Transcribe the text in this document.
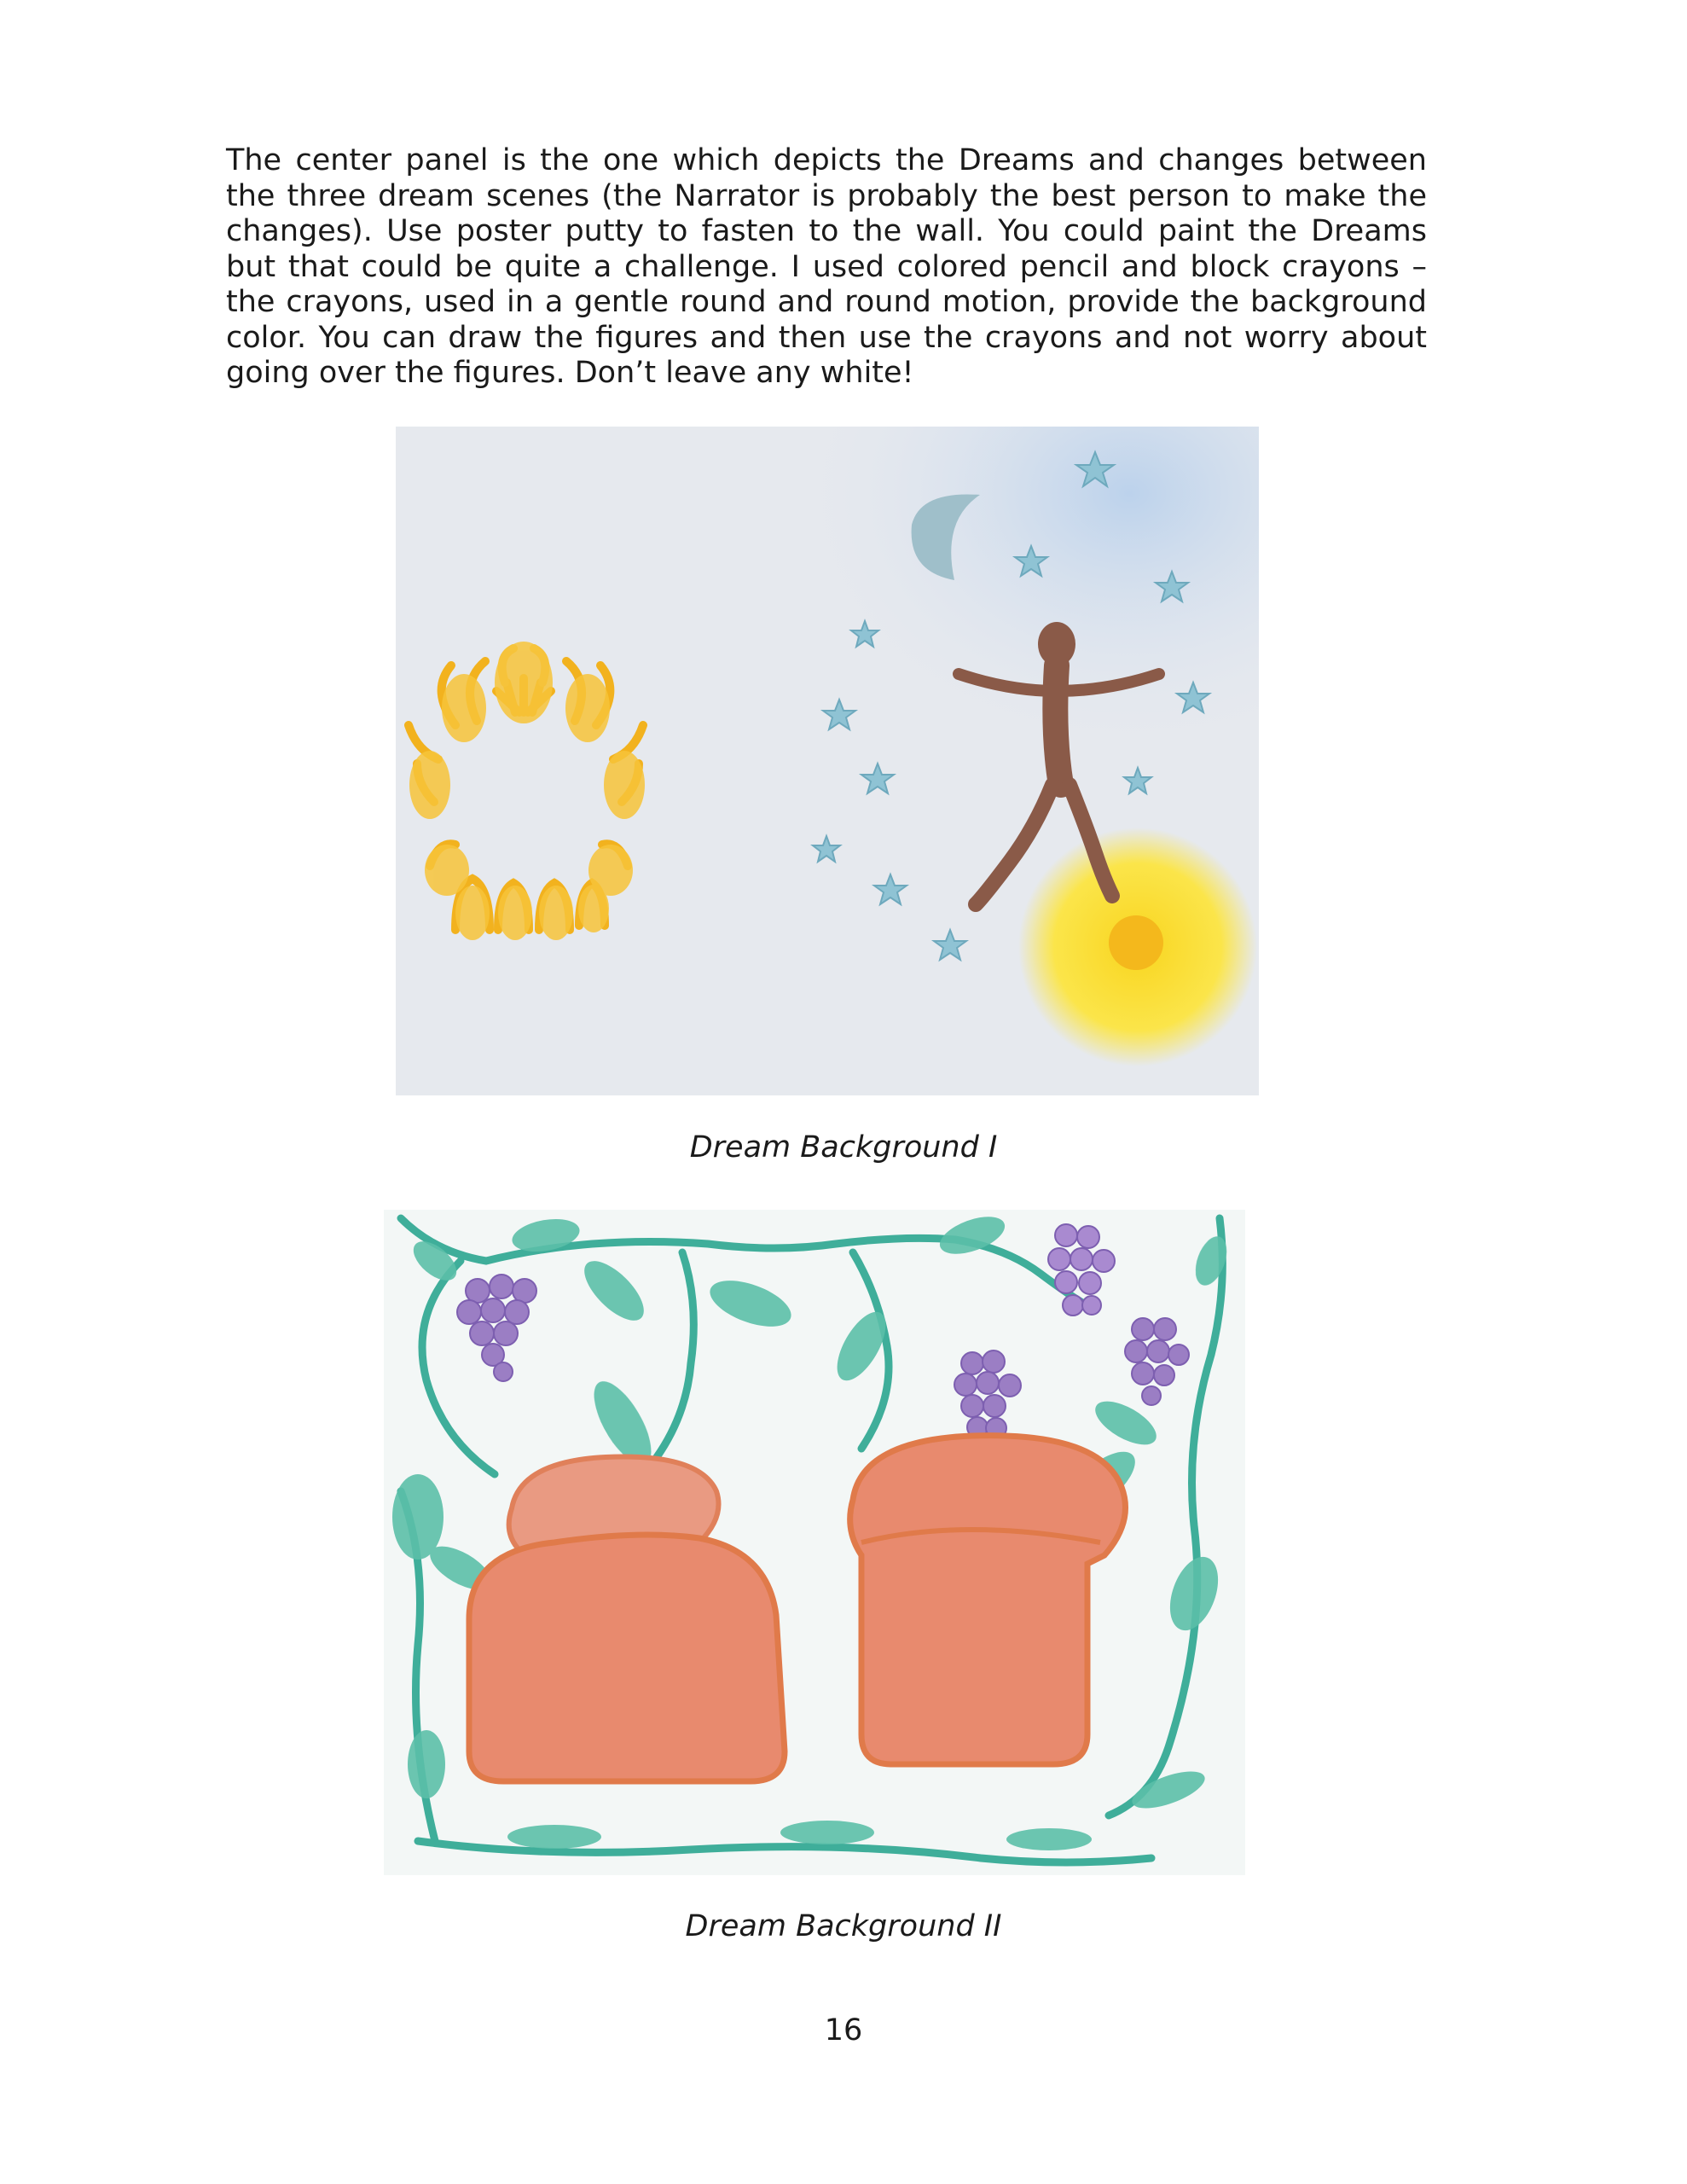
The center panel is the one which depicts the Dreams and changes between the three dream scenes (the Narrator is probably the best person to make the changes). Use poster putty to fasten to the wall. You could paint the Dreams but that could be quite a challenge. I used colored pencil and block crayons – the crayons, used in a gentle round and round motion, provide the background color. You can draw the figures and then use the crayons and not worry about going over the figures. Don’t leave any white!

Dream Background I

Dream Background II

16
